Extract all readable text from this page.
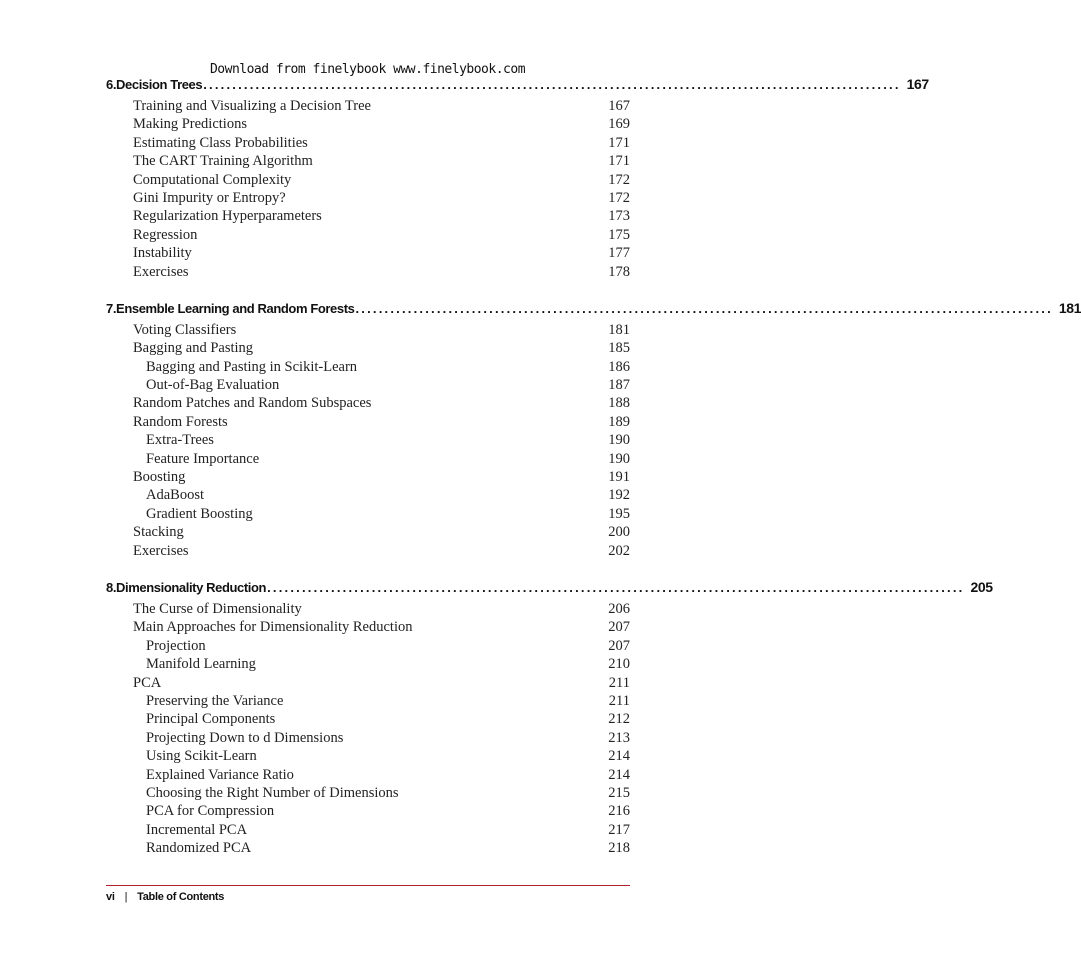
Download from finelybook www.finelybook.com
6. Decision Trees ........................................................................................................................ 167
Training and Visualizing a Decision Tree	167
Making Predictions	169
Estimating Class Probabilities	171
The CART Training Algorithm	171
Computational Complexity	172
Gini Impurity or Entropy?	172
Regularization Hyperparameters	173
Regression	175
Instability	177
Exercises	178
7. Ensemble Learning and Random Forests ........................................................................................................................ 181
Voting Classifiers	181
Bagging and Pasting	185
Bagging and Pasting in Scikit-Learn	186
Out-of-Bag Evaluation	187
Random Patches and Random Subspaces	188
Random Forests	189
Extra-Trees	190
Feature Importance	190
Boosting	191
AdaBoost	192
Gradient Boosting	195
Stacking	200
Exercises	202
8. Dimensionality Reduction ........................................................................................................................ 205
The Curse of Dimensionality	206
Main Approaches for Dimensionality Reduction	207
Projection	207
Manifold Learning	210
PCA	211
Preserving the Variance	211
Principal Components	212
Projecting Down to d Dimensions	213
Using Scikit-Learn	214
Explained Variance Ratio	214
Choosing the Right Number of Dimensions	215
PCA for Compression	216
Incremental PCA	217
Randomized PCA	218
vi | Table of Contents
